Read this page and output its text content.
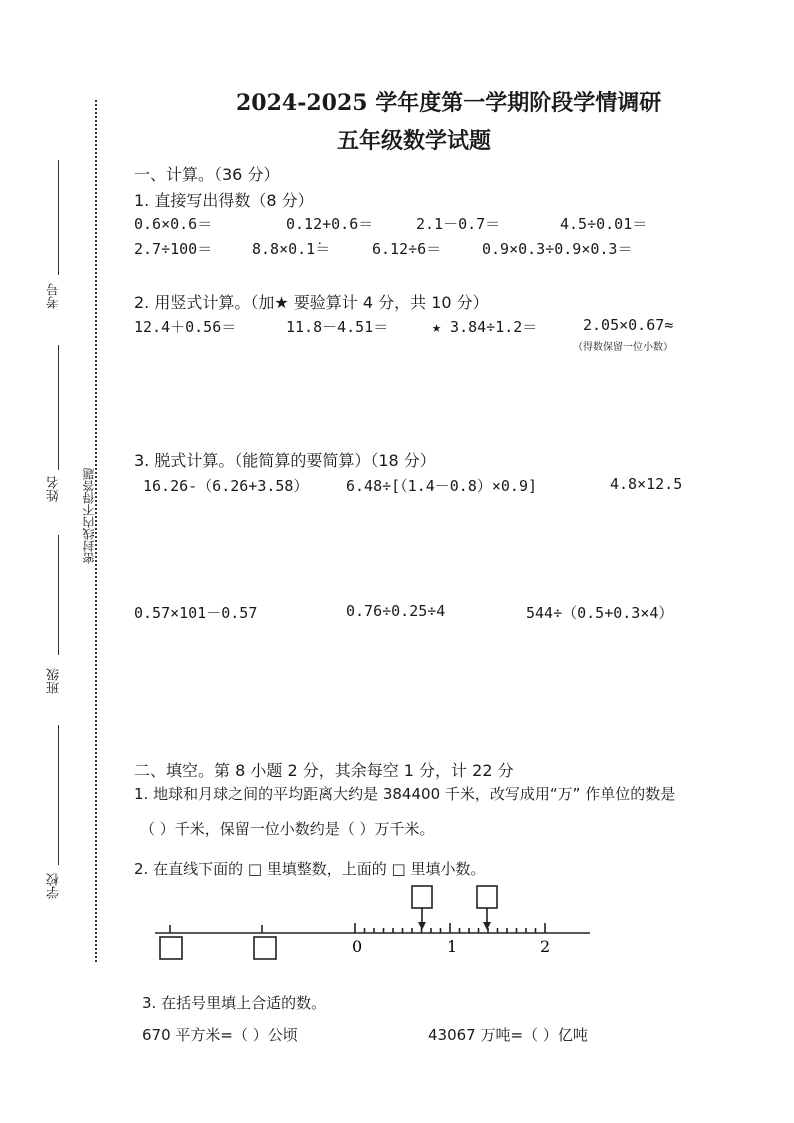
密封线内不得答题
考号
姓名
班级
学校
2024-2025 学年度第一学期阶段学情调研
五年级数学试题
一、计算。（36 分）
1. 直接写出得数（8 分）
0.6×0.6＝	0.12+0.6＝	2.1－0.7＝	4.5÷0.01＝
2.7÷100＝	8.8×0.1̇＝	6.12÷6＝	0.9×0.3÷0.9×0.3＝
2. 用竖式计算。（加★ 要验算计 4 分，共 10 分）
12.4＋0.56＝	11.8－4.51＝	★ 3.84÷1.2＝	2.05×0.67≈
（得数保留一位小数）
3. 脱式计算。（能简算的要简算）（18 分）
16.26-（6.26+3.58）	6.48÷[（1.4－0.8）×0.9]	4.8×12.5
0.57×101－0.57	0.76÷0.25÷4	544÷（0.5+0.3×4）
二、填空。第 8 小题 2 分，其余每空 1 分，计 22 分
1. 地球和月球之间的平均距离大约是 384400 千米，改写成用“万” 作单位的数是
（ ）千米，保留一位小数约是（ ）万千米。
2. 在直线下面的 □ 里填整数，上面的 □ 里填小数。
0	1	2
3. 在括号里填上合适的数。
670 平方米=（ ）公顷	43067 万吨=（ ）亿吨
